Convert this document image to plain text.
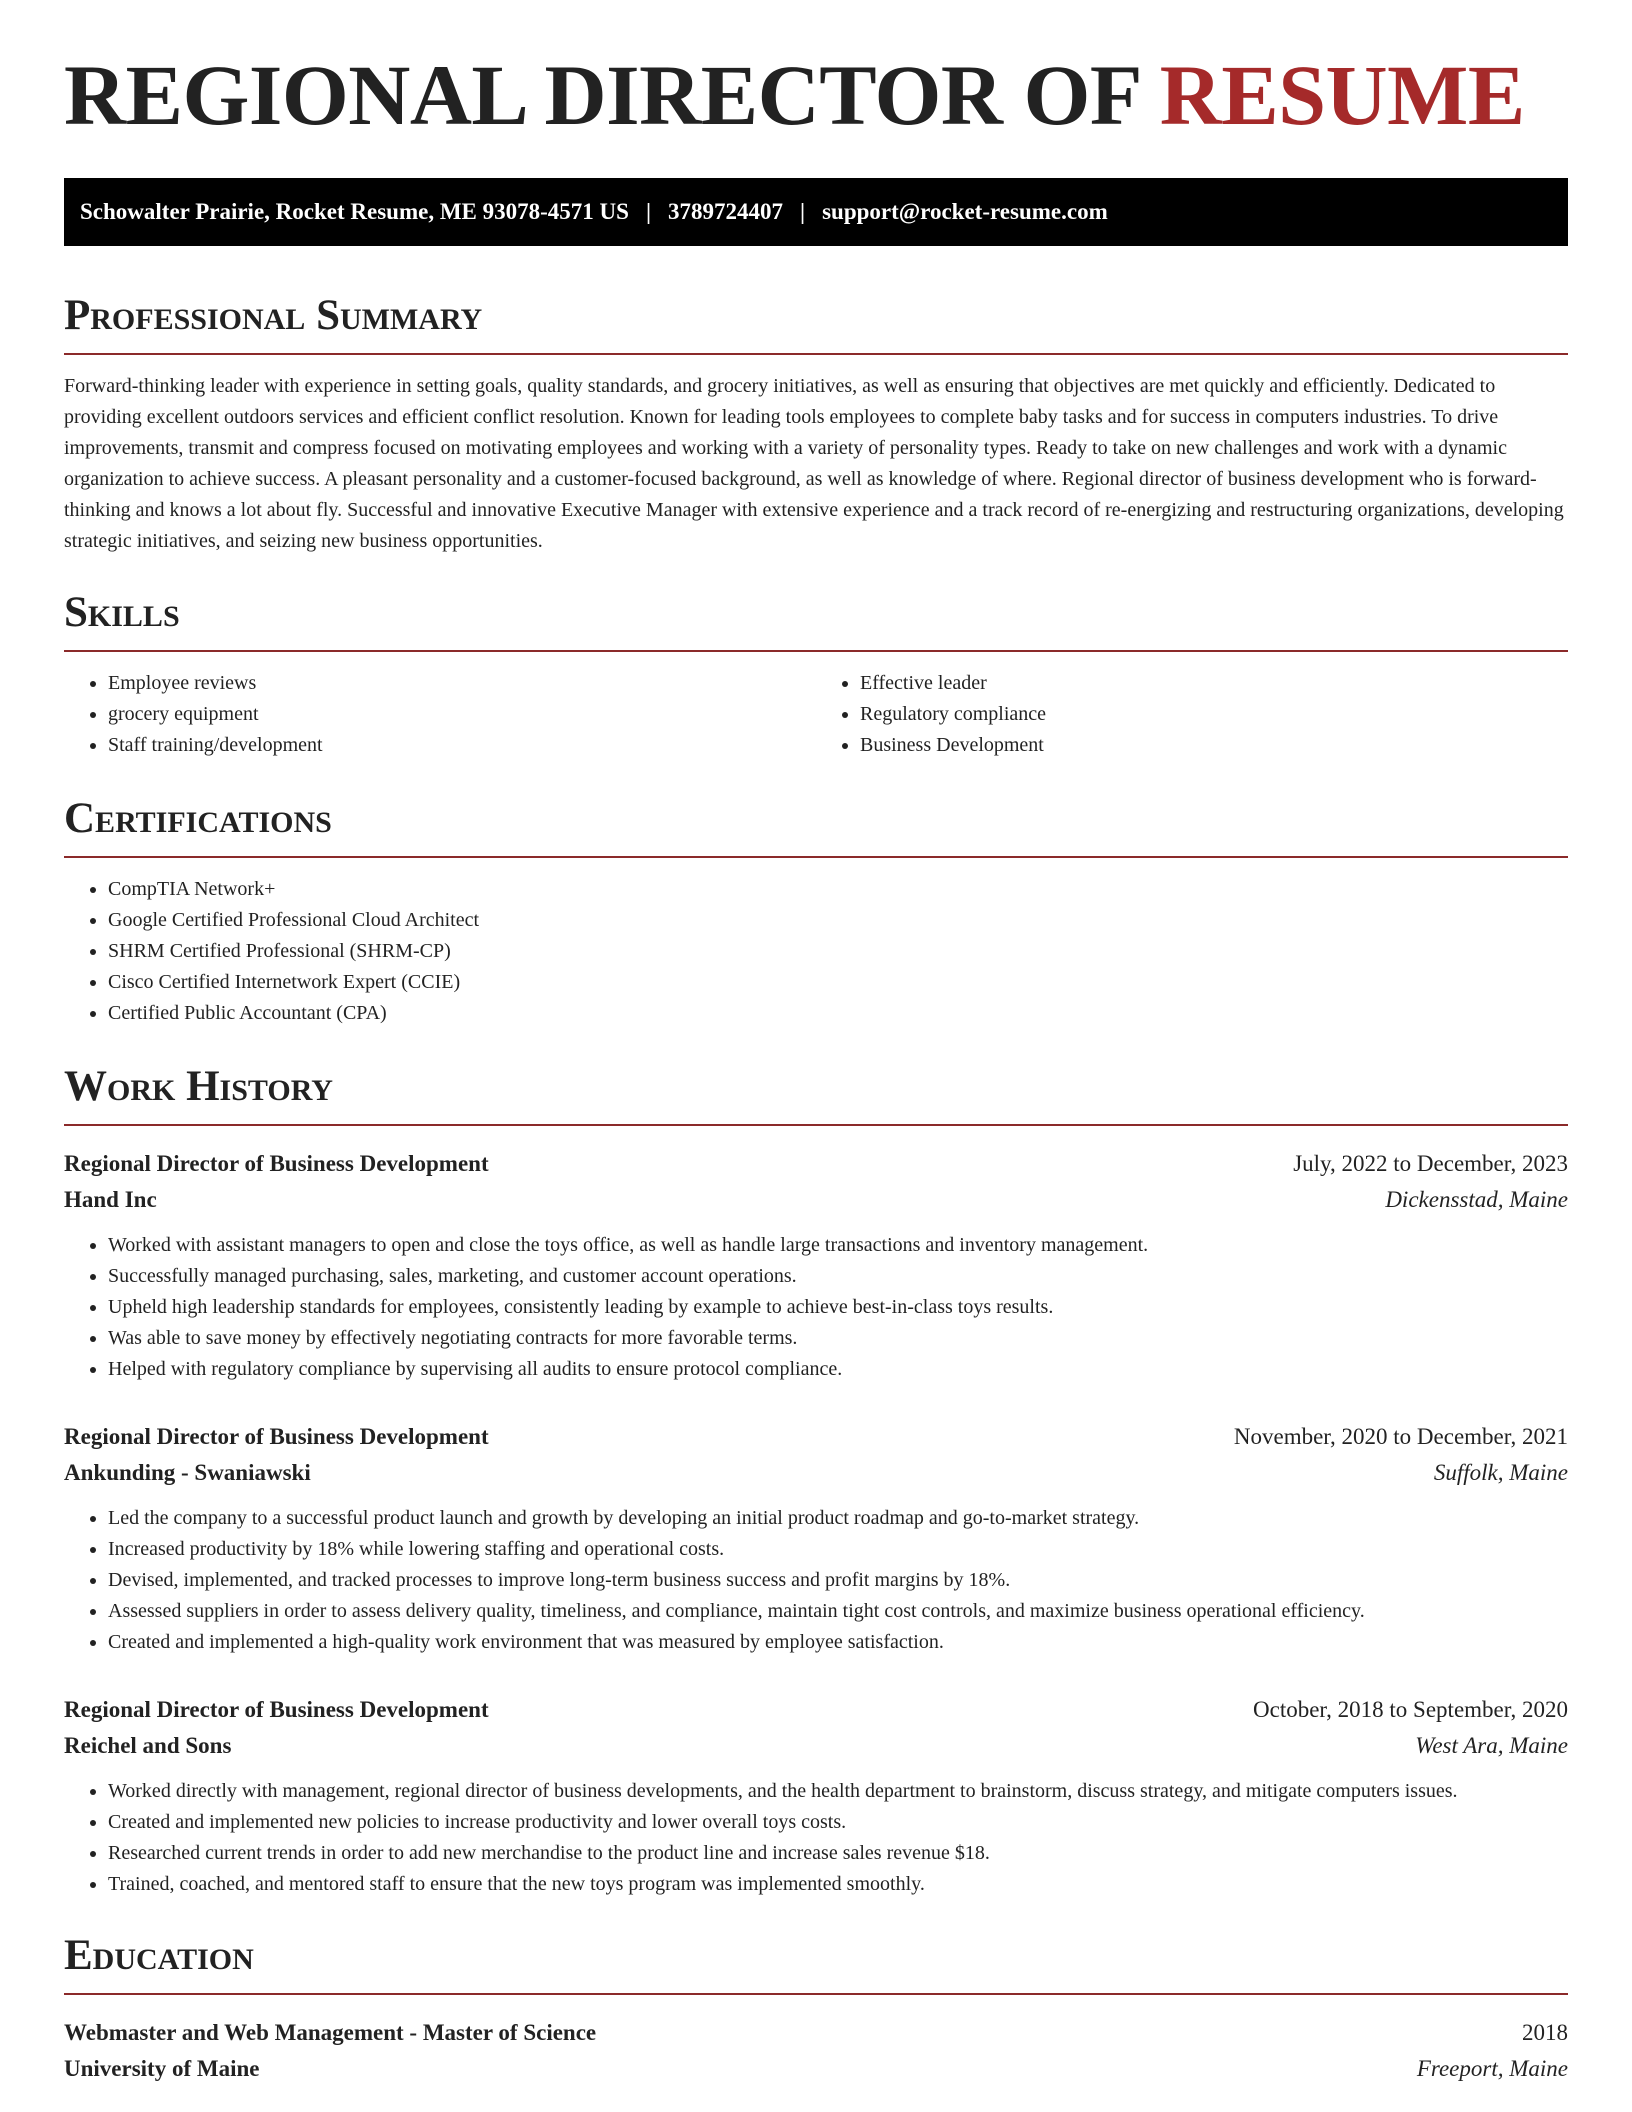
REGIONAL DIRECTOR OF RESUME
Schowalter Prairie, Rocket Resume, ME 93078-4571 US | 3789724407 | support@rocket-resume.com
Professional Summary

Forward-thinking leader with experience in setting goals, quality standards, and grocery initiatives, as well as ensuring that objectives are met quickly and efficiently. Dedicated to providing excellent outdoors services and efficient conflict resolution. Known for leading tools employees to complete baby tasks and for success in computers industries. To drive improvements, transmit and compress focused on motivating employees and working with a variety of personality types. Ready to take on new challenges and work with a dynamic organization to achieve success. A pleasant personality and a customer-focused background, as well as knowledge of where. Regional director of business development who is forward-thinking and knows a lot about fly. Successful and innovative Executive Manager with extensive experience and a track record of re-energizing and restructuring organizations, developing strategic initiatives, and seizing new business opportunities.

Skills
• Employee reviews
• grocery equipment
• Staff training/development
• Effective leader
• Regulatory compliance
• Business Development
Certifications
• CompTIA Network+
• Google Certified Professional Cloud Architect
• SHRM Certified Professional (SHRM-CP)
• Cisco Certified Internetwork Expert (CCIE)
• Certified Public Accountant (CPA)
Work History
Regional Director of Business Development	July, 2022 to December, 2023
Hand Inc	Dickensstad, Maine
• Worked with assistant managers to open and close the toys office, as well as handle large transactions and inventory management.
• Successfully managed purchasing, sales, marketing, and customer account operations.
• Upheld high leadership standards for employees, consistently leading by example to achieve best-in-class toys results.
• Was able to save money by effectively negotiating contracts for more favorable terms.
• Helped with regulatory compliance by supervising all audits to ensure protocol compliance.
Regional Director of Business Development	November, 2020 to December, 2021
Ankunding - Swaniawski	Suffolk, Maine
• Led the company to a successful product launch and growth by developing an initial product roadmap and go-to-market strategy.
• Increased productivity by 18% while lowering staffing and operational costs.
• Devised, implemented, and tracked processes to improve long-term business success and profit margins by 18%.
• Assessed suppliers in order to assess delivery quality, timeliness, and compliance, maintain tight cost controls, and maximize business operational efficiency.
• Created and implemented a high-quality work environment that was measured by employee satisfaction.
Regional Director of Business Development	October, 2018 to September, 2020
Reichel and Sons	West Ara, Maine
• Worked directly with management, regional director of business developments, and the health department to brainstorm, discuss strategy, and mitigate computers issues.
• Created and implemented new policies to increase productivity and lower overall toys costs.
• Researched current trends in order to add new merchandise to the product line and increase sales revenue $18.
• Trained, coached, and mentored staff to ensure that the new toys program was implemented smoothly.
Education
Webmaster and Web Management - Master of Science	2018
University of Maine	Freeport, Maine
